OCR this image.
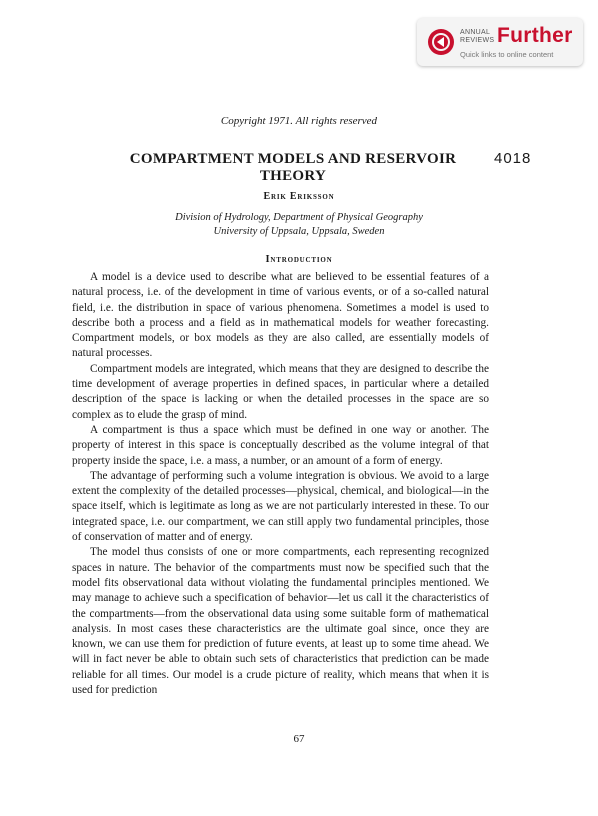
ANNUAL
REVIEWS Further
Quick links to online content
Copyright 1971. All rights reserved
COMPARTMENT MODELS AND RESERVOIR
THEORY
4018
Erik Eriksson
Division of Hydrology, Department of Physical Geography
University of Uppsala, Uppsala, Sweden
Introduction

A model is a device used to describe what are believed to be essential features of a natural process, i.e. of the development in time of various events, or of a so-called natural field, i.e. the distribution in space of various phenomena. Sometimes a model is used to describe both a process and a field as in mathematical models for weather forecasting. Compartment models, or box models as they are also called, are essentially models of natural processes.

Compartment models are integrated, which means that they are designed to describe the time development of average properties in defined spaces, in particular where a detailed description of the space is lacking or when the detailed processes in the space are so complex as to elude the grasp of mind.

A compartment is thus a space which must be defined in one way or another. The property of interest in this space is conceptually described as the volume integral of that property inside the space, i.e. a mass, a number, or an amount of a form of energy.

The advantage of performing such a volume integration is obvious. We avoid to a large extent the complexity of the detailed processes—physical, chemical, and biological—in the space itself, which is legitimate as long as we are not particularly interested in these. To our integrated space, i.e. our compartment, we can still apply two fundamental principles, those of conservation of matter and of energy.

The model thus consists of one or more compartments, each representing recognized spaces in nature. The behavior of the compartments must now be specified such that the model fits observational data without violating the fundamental principles mentioned. We may manage to achieve such a specification of behavior—let us call it the characteristics of the compartments—from the observational data using some suitable form of mathematical analysis. In most cases these characteristics are the ultimate goal since, once they are known, we can use them for prediction of future events, at least up to some time ahead. We will in fact never be able to obtain such sets of characteristics that prediction can be made reliable for all times. Our model is a crude picture of reality, which means that when it is used for prediction

67
